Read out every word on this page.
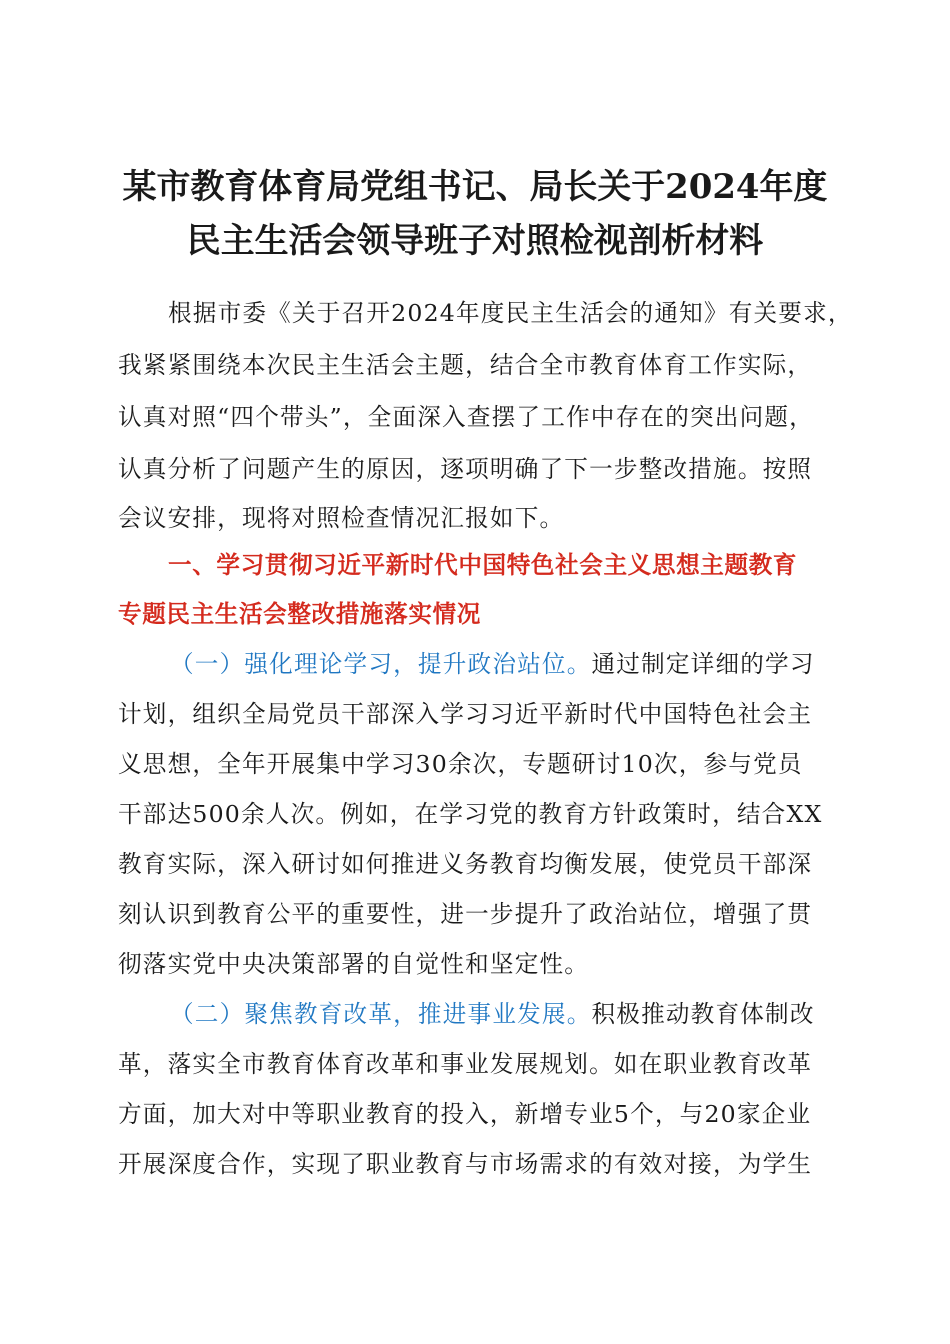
某市教育体育局党组书记、局长关于2024年度
民主生活会领导班子对照检视剖析材料
根据市委《关于召开2024年度民主生活会的通知》有关要求，
我紧紧围绕本次民主生活会主题，结合全市教育体育工作实际，
认真对照“四个带头”，全面深入查摆了工作中存在的突出问题，
认真分析了问题产生的原因，逐项明确了下一步整改措施。按照
会议安排，现将对照检查情况汇报如下。
一、学习贯彻习近平新时代中国特色社会主义思想主题教育
专题民主生活会整改措施落实情况
（一）强化理论学习，提升政治站位。通过制定详细的学习
计划，组织全局党员干部深入学习习近平新时代中国特色社会主
义思想，全年开展集中学习30余次，专题研讨10次，参与党员
干部达500余人次。例如，在学习党的教育方针政策时，结合XX
教育实际，深入研讨如何推进义务教育均衡发展，使党员干部深
刻认识到教育公平的重要性，进一步提升了政治站位，增强了贯
彻落实党中央决策部署的自觉性和坚定性。
（二）聚焦教育改革，推进事业发展。积极推动教育体制改
革，落实全市教育体育改革和事业发展规划。如在职业教育改革
方面，加大对中等职业教育的投入，新增专业5个，与20家企业
开展深度合作，实现了职业教育与市场需求的有效对接，为学生
